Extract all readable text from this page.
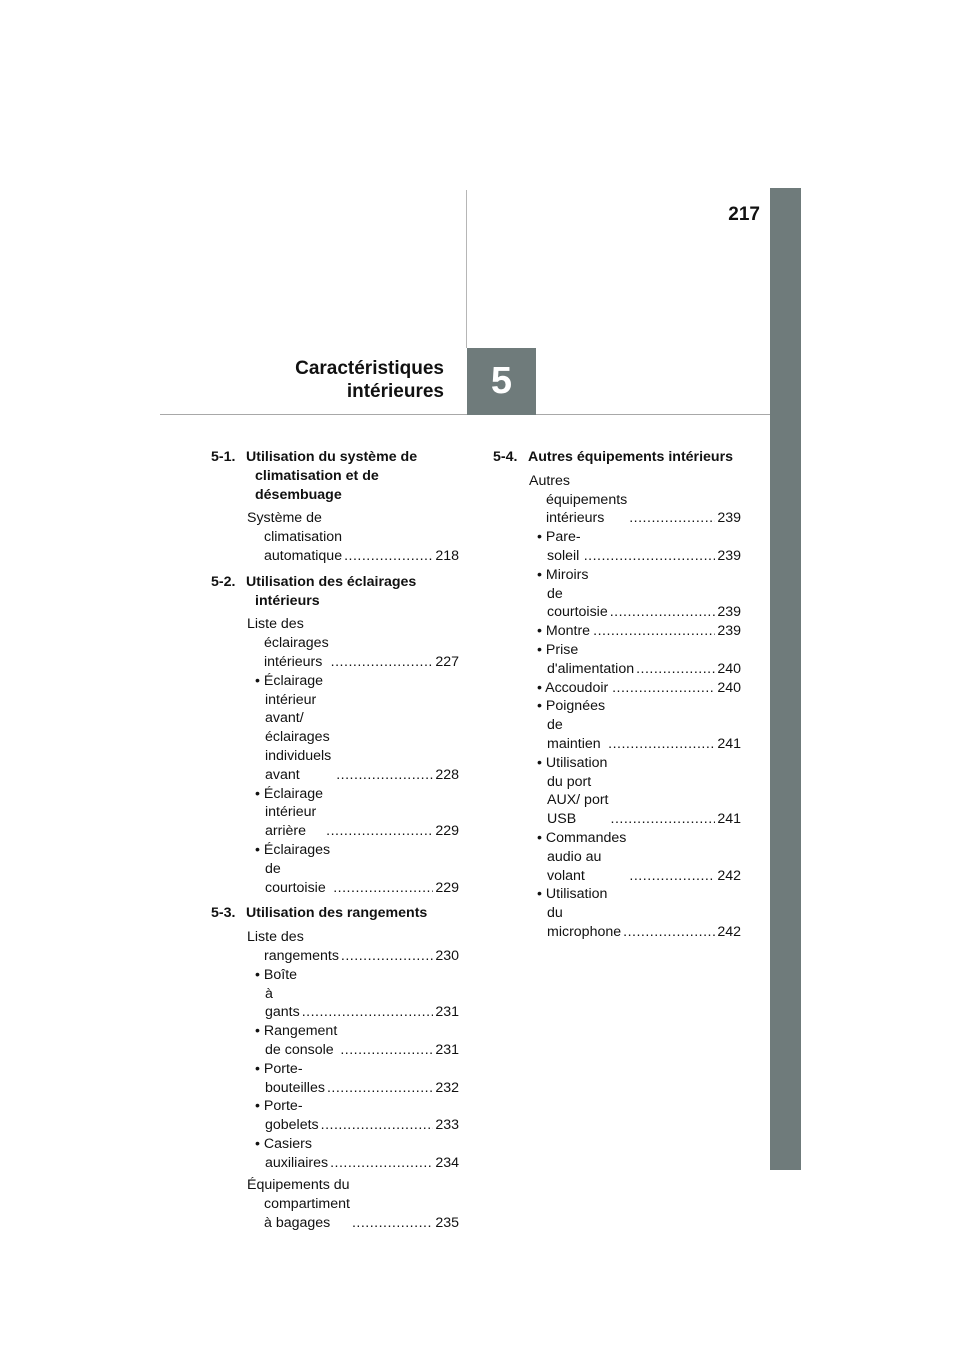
217
5
Caractéristiques
intérieures
5-1. Utilisation du système de climatisation et de désembuage
Système de climatisation automatique .....	218
5-2. Utilisation des éclairages intérieurs
Liste des éclairages intérieurs .....	227
• Éclairage intérieur avant/éclairages individuels avant .....	228
• Éclairage intérieur arrière .....	229
• Éclairages de courtoisie .....	229
5-3. Utilisation des rangements
Liste des rangements .....	230
• Boîte à gants .....	231
• Rangement de console .....	231
• Porte-bouteilles .....	232
• Porte-gobelets .....	233
• Casiers auxiliaires .....	234
Équipements du compartiment à bagages .....	235
5-4. Autres équipements intérieurs
Autres équipements intérieurs .....	239
• Pare-soleil .....	239
• Miroirs de courtoisie .....	239
• Montre .....	239
• Prise d'alimentation .....	240
• Accoudoir .....	240
• Poignées de maintien .....	241
• Utilisation du port AUX/ port USB .....	241
• Commandes audio au volant .....	242
• Utilisation du microphone .....	242
